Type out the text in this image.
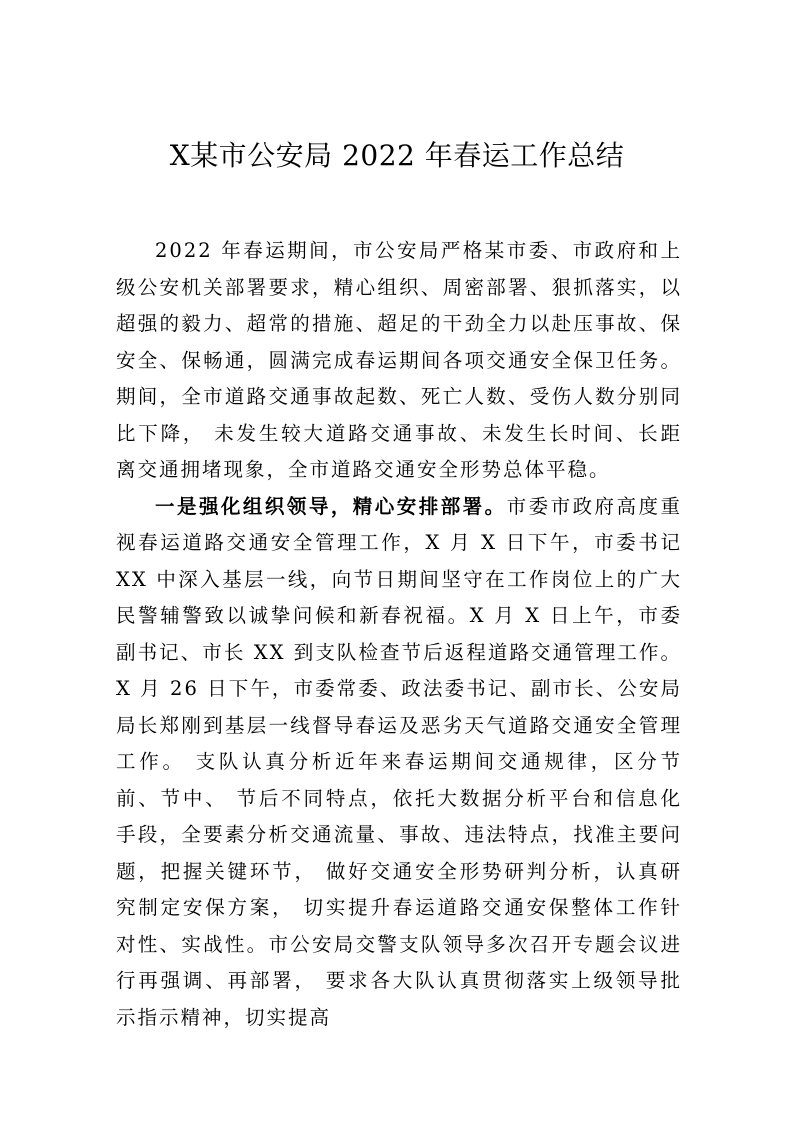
X某市公安局 2022 年春运工作总结

2022 年春运期间，市公安局严格某市委、市政府和上级公安机关部署要求，精心组织、周密部署、狠抓落实，以超强的毅力、超常的措施、超足的干劲全力以赴压事故、保安全、保畅通，圆满完成春运期间各项交通安全保卫任务。 期间，全市道路交通事故起数、死亡人数、受伤人数分别同比下降， 未发生较大道路交通事故、未发生长时间、长距离交通拥堵现象，全市道路交通安全形势总体平稳。

一是强化组织领导，精心安排部署。市委市政府高度重视春运道路交通安全管理工作，X 月 X 日下午，市委书记 XX 中深入基层一线，向节日期间坚守在工作岗位上的广大民警辅警致以诚挚问候和新春祝福。X 月 X 日上午，市委副书记、市长 XX 到支队检查节后返程道路交通管理工作。X 月 26 日下午，市委常委、政法委书记、副市长、公安局局长郑刚到基层一线督导春运及恶劣天气道路交通安全管理工作。 支队认真分析近年来春运期间交通规律，区分节前、节中、 节后不同特点，依托大数据分析平台和信息化手段，全要素分析交通流量、事故、违法特点，找准主要问题，把握关键环节， 做好交通安全形势研判分析，认真研究制定安保方案， 切实提升春运道路交通安保整体工作针对性、实战性。市公安局交警支队领导多次召开专题会议进行再强调、再部署， 要求各大队认真贯彻落实上级领导批示指示精神，切实提高
